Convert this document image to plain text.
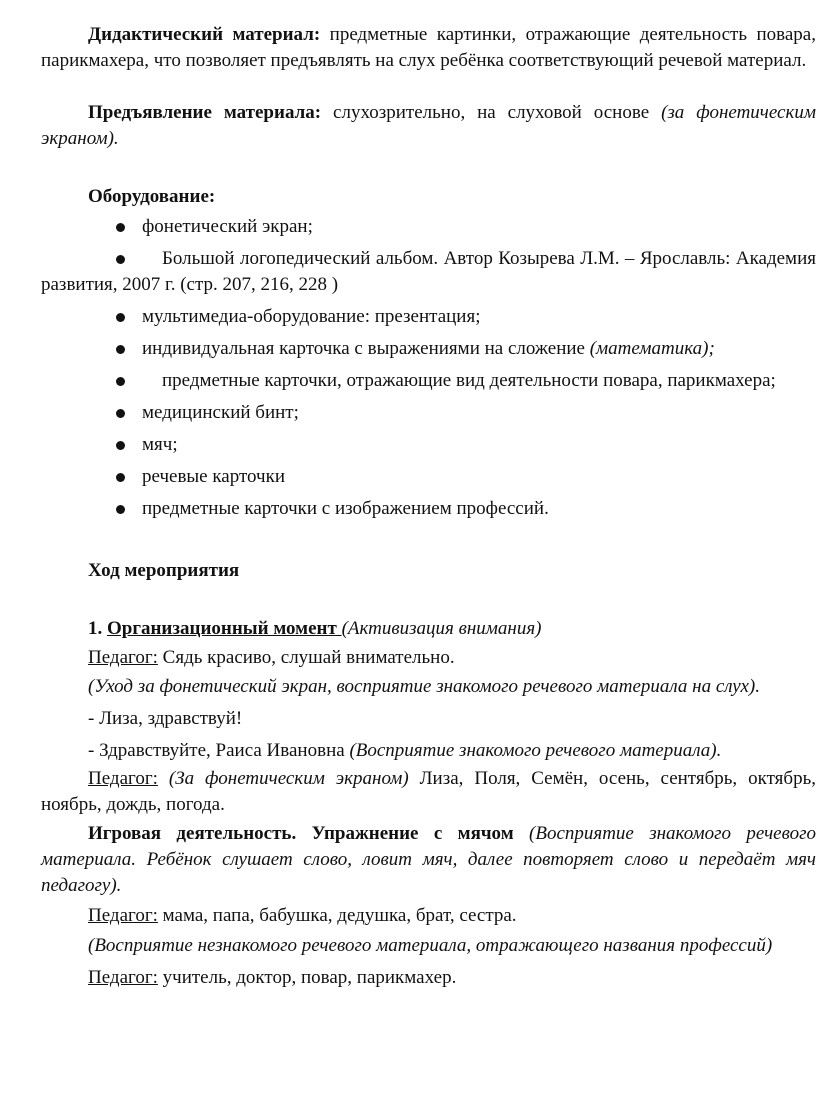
Дидактический материал: предметные картинки, отражающие деятельность повара, парикмахера, что позволяет предъявлять на слух ребёнка соответствующий речевой материал.

Предъявление материала: слухозрительно, на слуховой основе (за фонетическим экраном).

Оборудование:

фонетический экран;
Большой логопедический альбом. Автор Козырева Л.М. – Ярославль: Академия развития, 2007 г. (стр. 207, 216, 228 )
мультимедиа-оборудование: презентация;
индивидуальная карточка с выражениями на сложение (математика);
предметные карточки, отражающие вид деятельности повара, парикмахера;
медицинский бинт;
мяч;
речевые карточки
предметные карточки с изображением профессий.

Ход мероприятия

1. Организационный момент (Активизация внимания)

Педагог: Сядь красиво, слушай внимательно.

(Уход за фонетический экран, восприятие знакомого речевого материала на слух).

- Лиза, здравствуй!

- Здравствуйте, Раиса Ивановна (Восприятие знакомого речевого материала).

Педагог: (За фонетическим экраном) Лиза, Поля, Семён, осень, сентябрь, октябрь, ноябрь, дождь, погода.

Игровая деятельность. Упражнение с мячом (Восприятие знакомого речевого материала. Ребёнок слушает слово, ловит мяч, далее повторяет слово и передаёт мяч педагогу).

Педагог: мама, папа, бабушка, дедушка, брат, сестра.

(Восприятие незнакомого речевого материала, отражающего названия профессий)

Педагог: учитель, доктор, повар, парикмахер.
